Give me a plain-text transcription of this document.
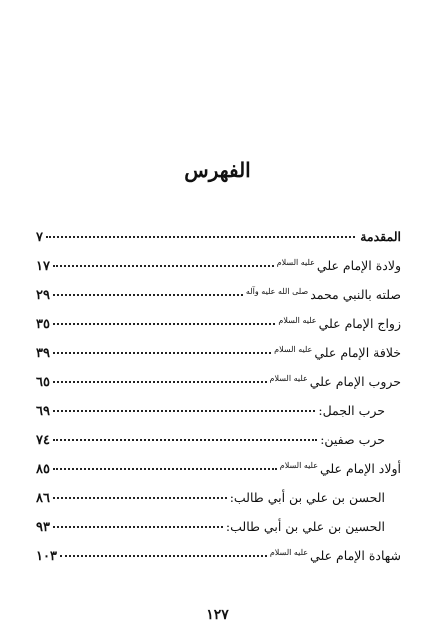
الفهرس
المقدمة
٧
ولادة الإمام عليعليه السلام
١٧
صلته بالنبي محمدصلى الله عليه وآله
٢٩
زواج الإمام عليعليه السلام
٣٥
خلافة الإمام عليعليه السلام
٣٩
حروب الإمام عليعليه السلام
٦٥
حرب الجمل:
٦٩
حرب صفين:
٧٤
أولاد الإمام عليعليه السلام
٨٥
الحسن بن علي بن أبي طالب:
٨٦
الحسين بن علي بن أبي طالب:
٩٣
شهادة الإمام عليعليه السلام
١٠٣
١٢٧
